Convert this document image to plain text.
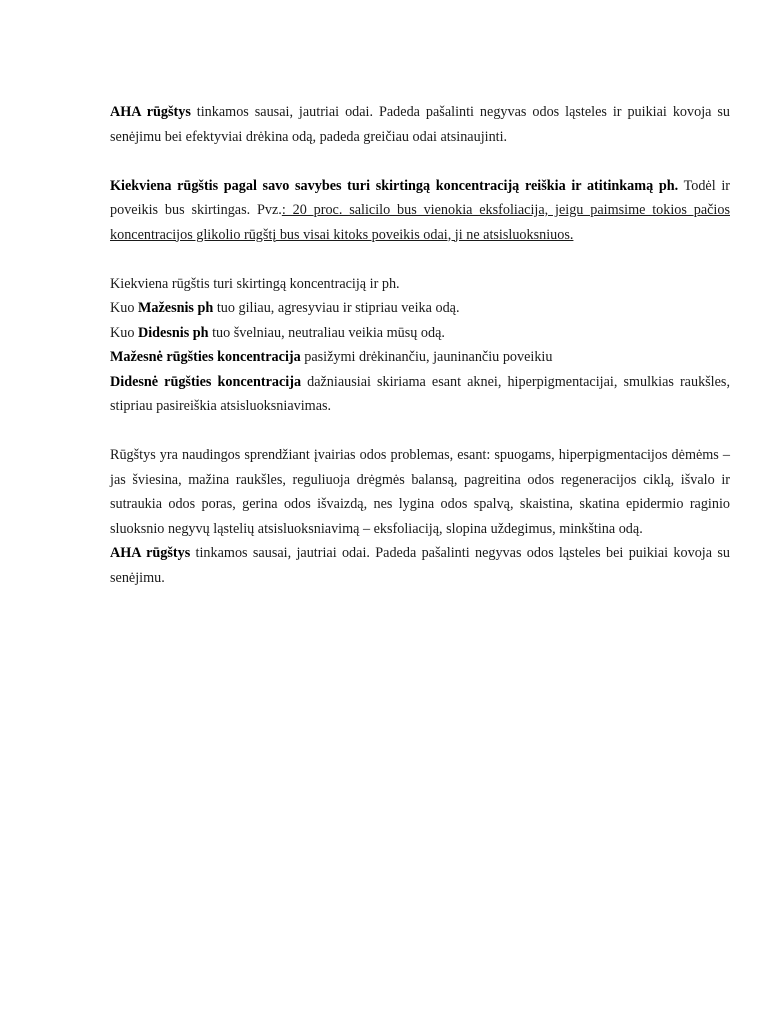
AHA rūgštys tinkamos sausai, jautriai odai. Padeda pašalinti negyvas odos ląsteles ir puikiai kovoja su senėjimu bei efektyviai drėkina odą, padeda greičiau odai atsinaujinti.

Kiekviena rūgštis pagal savo savybes turi skirtingą koncentraciją reiškia ir atitinkamą ph. Todėl ir poveikis bus skirtingas. Pvz.: 20 proc. salicilo bus vienokia eksfoliacija, jeigu paimsime tokios pačios koncentracijos glikolio rūgštį bus visai kitoks poveikis odai, ji ne atsisluoksniuos.

Kiekviena rūgštis turi skirtingą koncentraciją ir ph.

Kuo Mažesnis ph tuo giliau, agresyviau ir stipriau veika odą.

Kuo Didesnis ph tuo švelniau, neutraliau veikia mūsų odą.

Mažesnė rūgšties koncentracija pasižymi drėkinančiu, jauninančiu poveikiu

Didesnė rūgšties koncentracija dažniausiai skiriama esant aknei, hiperpigmentacijai, smulkias raukšles, stipriau pasireiškia atsisluoksniavimas.

Rūgštys yra naudingos sprendžiant įvairias odos problemas, esant: spuogams, hiperpigmentacijos dėmėms – jas šviesina, mažina raukšles, reguliuoja drėgmės balansą, pagreitina odos regeneracijos ciklą, išvalo ir sutraukia odos poras, gerina odos išvaizdą, nes lygina odos spalvą, skaistina, skatina epidermio raginio sluoksnio negyvų ląstelių atsisluoksniavimą – eksfoliaciją, slopina uždegimus, minkština odą.

AHA rūgštys tinkamos sausai, jautriai odai. Padeda pašalinti negyvas odos ląsteles bei puikiai kovoja su senėjimu.
